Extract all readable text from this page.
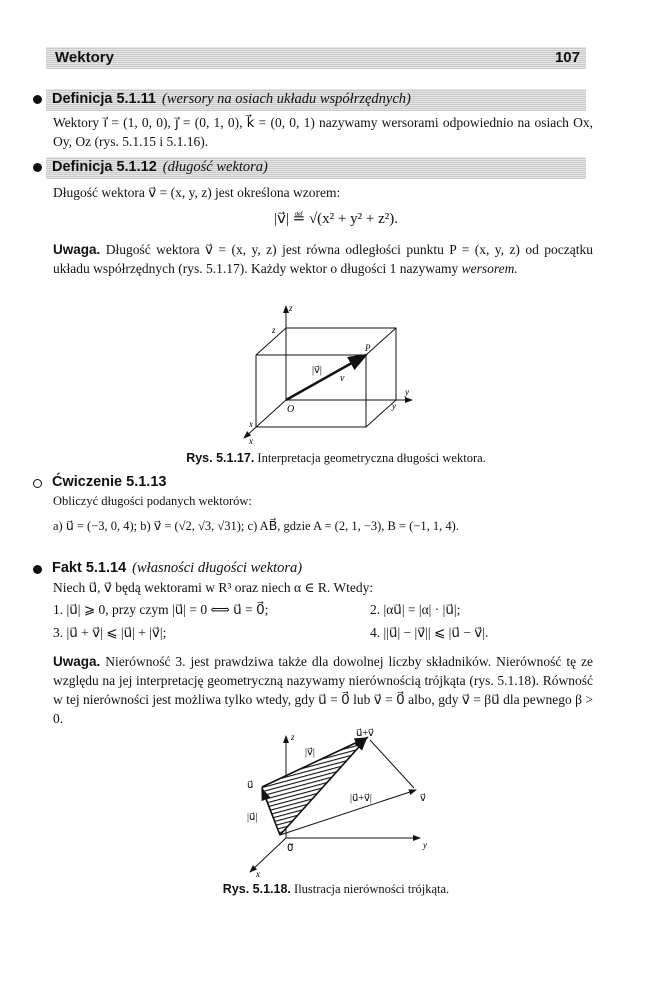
Wektory	107
Definicja 5.1.11 (wersory na osiach układu współrzędnych)
Wektory i⃗ = (1, 0, 0), j⃗ = (0, 1, 0), k⃗ = (0, 0, 1) nazywamy wersorami odpowiednio na osiach Ox, Oy, Oz (rys. 5.1.15 i 5.1.16).
Definicja 5.1.12 (długość wektora)
Długość wektora v⃗ = (x, y, z) jest określona wzorem:
|v⃗| ≝ √(x² + y² + z²).
Uwaga. Długość wektora v⃗ = (x, y, z) jest równa odległości punktu P = (x, y, z) od początku układu współrzędnych (rys. 5.1.17). Każdy wektor o długości 1 nazywamy wersorem.
z
z
P
|v⃗|
v⃗
O
y
y
x
x
Rys. 5.1.17. Interpretacja geometryczna długości wektora.
Ćwiczenie 5.1.13
Obliczyć długości podanych wektorów:
a) u⃗ = (−3, 0, 4); b) v⃗ = (√2, √3, √31); c) AB⃗, gdzie A = (2, 1, −3), B = (−1, 1, 4).
Fakt 5.1.14 (własności długości wektora)
Niech u⃗, v⃗ będą wektorami w R³ oraz niech α ∈ R. Wtedy:
1. |u⃗| ⩾ 0, przy czym |u⃗| = 0 ⟺ u⃗ = 0⃗;	2. |αu⃗| = |α| · |u⃗|;
3. |u⃗ + v⃗| ⩽ |u⃗| + |v⃗|;	4. ||u⃗| − |v⃗|| ⩽ |u⃗ − v⃗|.
Uwaga. Nierówność 3. jest prawdziwa także dla dowolnej liczby składników. Nierówność tę ze względu na jej interpretację geometryczną nazywamy nierównością trójkąta (rys. 5.1.18). Równość w tej nierówności jest możliwa tylko wtedy, gdy u⃗ = 0⃗ lub v⃗ = 0⃗ albo, gdy v⃗ = βu⃗ dla pewnego β > 0.
z	u⃗+v⃗
|v⃗|
u⃗
|u⃗+v⃗|	v⃗
|u⃗|
0⃗	y
x
Rys. 5.1.18. Ilustracja nierówności trójkąta.
